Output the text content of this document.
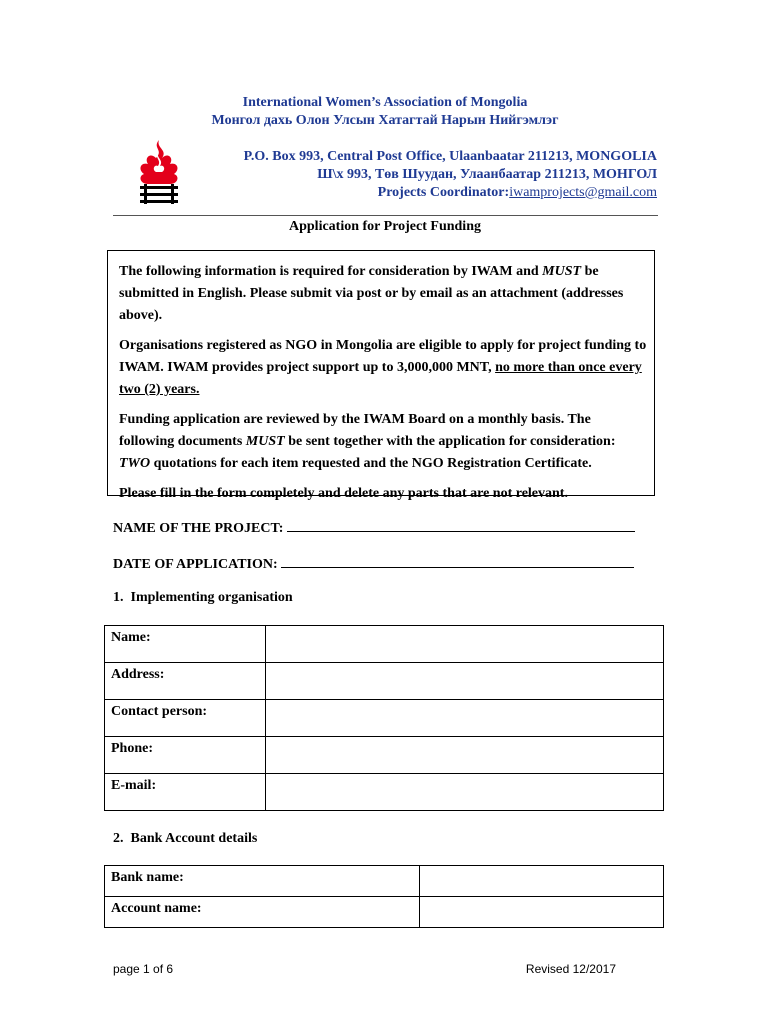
International Women’s Association of Mongolia
Монгол дахь Олон Улсын Хатагтай Нарын Нийгэмлэг
P.O. Box 993, Central Post Office, Ulaanbaatar 211213, MONGOLIA
Ш\х 993, Төв Шуудан, Улаанбаатар 211213, МОНГОЛ
Projects Coordinator:iwamprojects@gmail.com
Application for Project Funding

The following information is required for consideration by IWAM and MUST be submitted in English. Please submit via post or by email as an attachment (addresses above).

Organisations registered as NGO in Mongolia are eligible to apply for project funding to IWAM. IWAM provides project support up to 3,000,000 MNT, no more than once every two (2) years.

Funding application are reviewed by the IWAM Board on a monthly basis. The following documents MUST be sent together with the application for consideration: TWO quotations for each item requested and the NGO Registration Certificate.

Please fill in the form completely and delete any parts that are not relevant.

NAME OF THE PROJECT:
DATE OF APPLICATION:
1.  Implementing organisation
Name:	
Address:	
Contact person:	
Phone:	
E-mail:	
2.  Bank Account details
Bank name:	
Account name:	
page 1 of 6	Revised 12/2017
